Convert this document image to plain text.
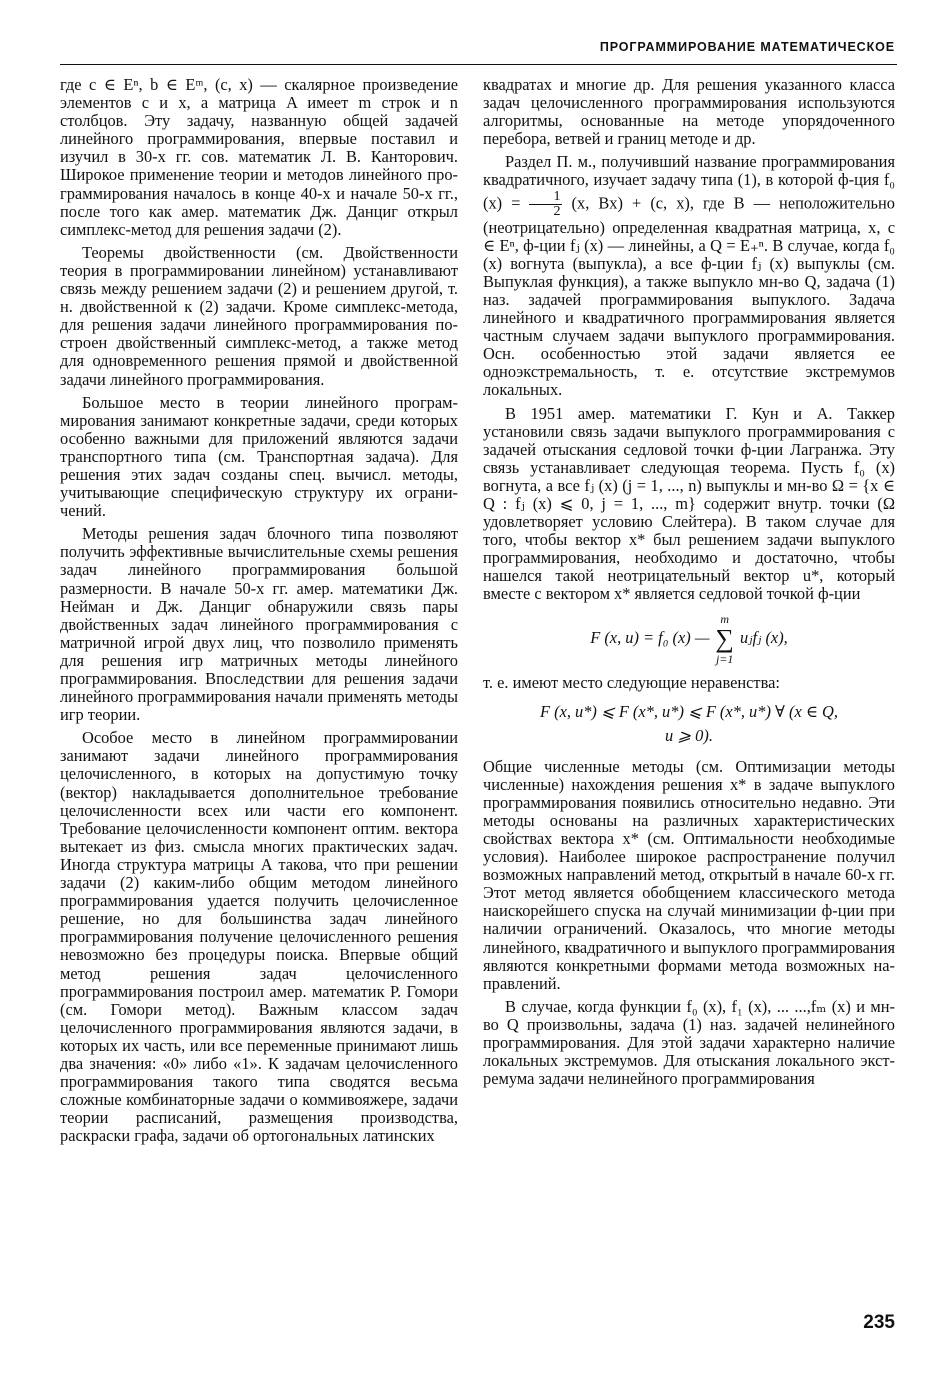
ПРОГРАММИРОВАНИЕ МАТЕМАТИЧЕСКОЕ

где c ∈ Eⁿ, b ∈ Eᵐ, (c, x) — скалярное произведение элементов c и x, а матрица A имеет m строк и n столбцов. Эту задачу, названную общей задачей линейного программирования, впервые поставил и изучил в 30-х гг. сов. математик Л. В. Канторович. Широкое применение теории и методов линейного программирования началось в конце 40-х и начале 50-х гг., после того как амер. математик Дж. Данциг открыл симплекс-метод для решения задачи (2).

Теоремы двойственности (см. Двойственности теория в программировании линейном) устанавливают связь между решением задачи (2) и решением другой, т. н. двойственной к (2) задачи. Кроме симплекс-метода, для решения задачи линейного программирования построен двойственный симплекс-метод, а также метод для одновременного решения прямой и двойственной задачи линейного программирования.

Большое место в теории линейного программирования занимают конкретные задачи, среди которых особенно важными для приложений являются задачи транспортного типа (см. Транспортная задача). Для решения этих задач созданы спец. вычисл. методы, учитывающие специфическую структуру их ограничений.

Методы решения задач блочного типа позволяют получить эффективные вычислительные схемы решения задач линейного программирования большой размерности. В начале 50-х гг. амер. математики Дж. Нейман и Дж. Данциг обнаружили связь пары двойственных задач линейного программирования с матричной игрой двух лиц, что позволило применять для решения игр матричных методы линейного программирования. Впоследствии для решения задачи линейного программирования начали применять методы игр теории.

Особое место в линейном программировании занимают задачи линейного программирования целочисленного, в которых на допустимую точку (вектор) накладывается дополнительное требование целочисленности всех или части его компонент. Требование целочисленности компонент оптим. вектора вытекает из физ. смысла многих практических задач. Иногда структура матрицы A такова, что при решении задачи (2) каким-либо общим методом линейного программирования удается получить целочисленное решение, но для большинства задач линейного программирования получение целочисленного решения невозможно без процедуры поиска. Впервые общий метод решения задач целочисленного программирования построил амер. математик Р. Гомори (см. Гомори метод). Важным классом задач целочисленного программирования являются задачи, в которых их часть, или все переменные принимают лишь два значения: «0» либо «1». К задачам целочисленного программирования такого типа сводятся весьма сложные комбинаторные задачи о коммивояжере, задачи теории расписаний, размещения производства, раскраски графа, задачи об ортогональных латинских

квадратах и многие др. Для решения указанного класса задач целочисленного программирования используются алгоритмы, основанные на методе упорядоченного перебора, ветвей и границ методе и др.

Раздел П. м., получивший название программирования квадратичного, изучает задачу типа (1), в которой ф-ция f₀ $(x) = \frac{1}{2} (x$, Bx) + (c, x), где B — неположительно (неотрицательно) определенная квадратная матрица, x, c ∈ Eⁿ, ф-ции fⱼ (x) — линейны, а Q = E₊ⁿ. В случае, когда f₀ (x) вогнута (выпукла), а все ф-ции fⱼ (x) выпуклы (см. Выпуклая функция), а также выпукло мн-во Q, задача (1) наз. задачей программирования выпуклого. Задача линейного и квадратичного программирования является частным случаем задачи выпуклого программирования. Осн. особенностью этой задачи является ее одноэкстремальность, т. е. отсутствие экстремумов локальных.

В 1951 амер. математики Г. Кун и А. Таккер установили связь задачи выпуклого программирования с задачей отыскания седловой точки ф-ции Лагранжа. Эту связь устанавливает следующая теорема. Пусть f₀ (x) вогнута, а все fⱼ (x) (j = 1, ..., n) выпуклы и мн-во Ω = {x ∈ Q : fⱼ (x) ⩽ 0, j = 1, ..., m} содержит внутр. точки (Ω удовлетворяет условию Слейтера). В таком случае для того, чтобы вектор x* был решением задачи выпуклого программирования, необходимо и достаточно, чтобы нашелся такой неотрицательный вектор u*, который вместе с вектором x* является седловой точкой ф-ции

F (x, u) = f₀ (x) —
m
∑
j=1
uⱼfⱼ (x),

т. е. имеют место следующие неравенства:

F (x, u*) ⩽ F (x*, u*) ⩽ F (x*, u*) ∀ (x ∈ Q,
u ⩾ 0).

Общие численные методы (см. Оптимизации методы численные) нахождения решения x* в задаче выпуклого программирования появились относительно недавно. Эти методы основаны на различных характеристических свойствах вектора x* (см. Оптимальности необходимые условия). Наиболее широкое распространение получил возможных направлений метод, открытый в начале 60-х гг. Этот метод является обобщением классического метода наискорейшего спуска на случай минимизации ф-ции при наличии ограничений. Оказалось, что многие методы линейного, квадратичного и выпуклого программирования являются конкретными формами метода возможных направлений.

В случае, когда функции f₀ (x), f₁ (x), ... ...,fₘ (x) и мн-во Q произвольны, задача (1) наз. задачей нелинейного программирования. Для этой задачи характерно наличие локальных экстремумов. Для отыскания локального экстремума задачи нелинейного программирования

235
